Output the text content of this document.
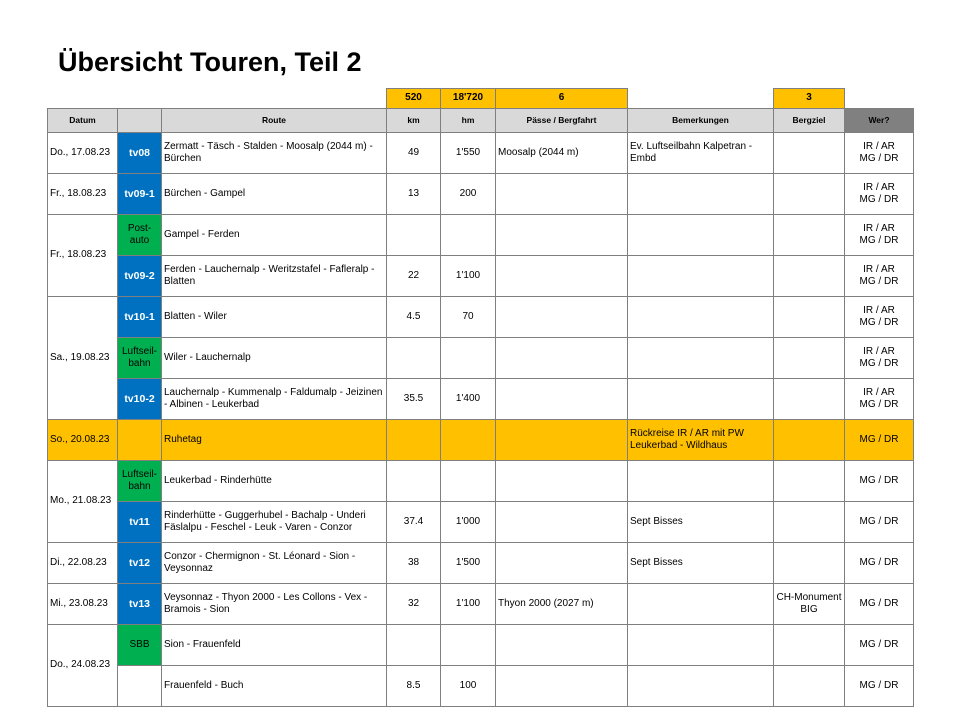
Übersicht Touren, Teil 2
			520	18'720	6		3	
Datum		Route	km	hm	Pässe / Bergfahrt	Bemerkungen	Bergziel	Wer?
Do., 17.08.23	tv08	Zermatt - Täsch - Stalden - Moosalp (2044 m) - Bürchen	49	1'550	Moosalp (2044 m)	Ev. Luftseilbahn Kalpetran - Embd		IR / AR
MG / DR

Fr., 18.08.23	tv09-1	Bürchen - Gampel	13	200				IR / AR
MG / DR

Fr., 18.08.23	Post-auto	Gampel - Ferden						IR / AR
MG / DR

	tv09-2	Ferden - Lauchernalp - Weritzstafel - Fafleralp - Blatten	22	1'100				IR / AR
MG / DR

Sa., 19.08.23	tv10-1	Blatten - Wiler	4.5	70				IR / AR
MG / DR

	Luftseil-bahn	Wiler - Lauchernalp						IR / AR
MG / DR

	tv10-2	Lauchernalp - Kummenalp - Faldumalp - Jeizinen - Albinen - Leukerbad	35.5	1'400				IR / AR
MG / DR

So., 20.08.23		Ruhetag				Rückreise IR / AR mit PW Leukerbad - Wildhaus		MG / DR

Mo., 21.08.23	Luftseil-bahn	Leukerbad - Rinderhütte						MG / DR

	tv11	Rinderhütte - Guggerhubel - Bachalp - Underi Fäslalpu - Feschel - Leuk - Varen - Conzor	37.4	1'000		Sept Bisses		MG / DR

Di., 22.08.23	tv12	Conzor - Chermignon - St. Léonard - Sion - Veysonnaz	38	1'500		Sept Bisses		MG / DR

Mi., 23.08.23	tv13	Veysonnaz - Thyon 2000 - Les Collons - Vex - Bramois - Sion	32	1'100	Thyon 2000 (2027 m)		CH-Monument BIG	MG / DR

Do., 24.08.23	SBB	Sion - Frauenfeld						MG / DR

		Frauenfeld - Buch	8.5	100				MG / DR
